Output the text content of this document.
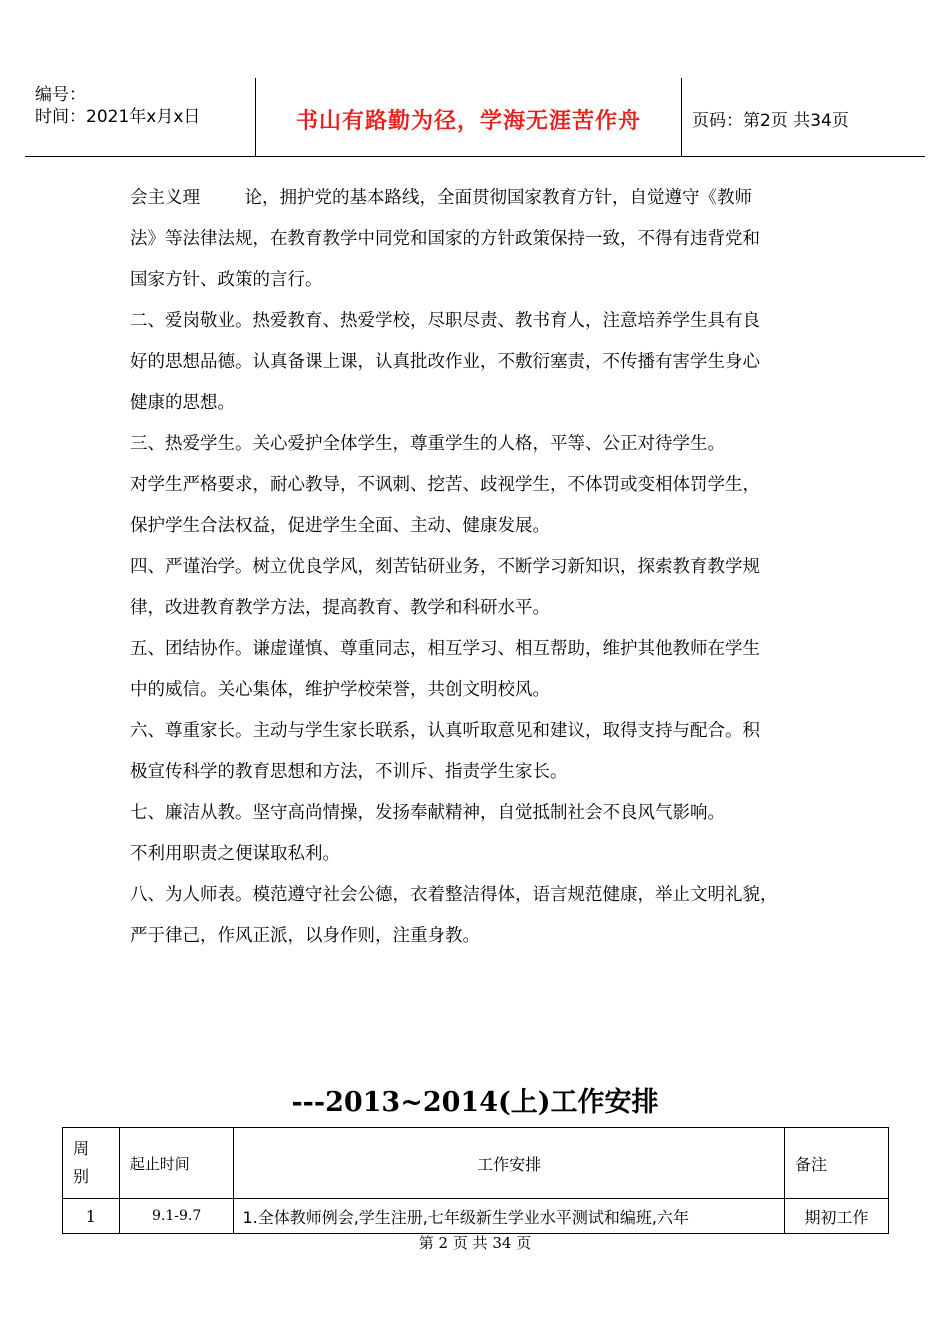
编号：
时间：2021年x月x日	书山有路勤为径，学海无涯苦作舟	页码：第2页 共34页
会主义理        论，拥护党的基本路线，全面贯彻国家教育方针，自觉遵守《教师
法》等法律法规，在教育教学中同党和国家的方针政策保持一致，不得有违背党和
国家方针、政策的言行。
二、爱岗敬业。热爱教育、热爱学校，尽职尽责、教书育人，注意培养学生具有良
好的思想品德。认真备课上课，认真批改作业，不敷衍塞责，不传播有害学生身心
健康的思想。
三、热爱学生。关心爱护全体学生，尊重学生的人格，平等、公正对待学生。
对学生严格要求，耐心教导，不讽刺、挖苦、歧视学生，不体罚或变相体罚学生，
保护学生合法权益，促进学生全面、主动、健康发展。
四、严谨治学。树立优良学风，刻苦钻研业务，不断学习新知识，探索教育教学规
律，改进教育教学方法，提高教育、教学和科研水平。
五、团结协作。谦虚谨慎、尊重同志，相互学习、相互帮助，维护其他教师在学生
中的威信。关心集体，维护学校荣誉，共创文明校风。
六、尊重家长。主动与学生家长联系，认真听取意见和建议，取得支持与配合。积
极宣传科学的教育思想和方法，不训斥、指责学生家长。
七、廉洁从教。坚守高尚情操，发扬奉献精神，自觉抵制社会不良风气影响。
不利用职责之便谋取私利。
八、为人师表。模范遵守社会公德，衣着整洁得体，语言规范健康，举止文明礼貌，
严于律己，作风正派，以身作则，注重身教。
---2013~2014(上)工作安排
周
别	起止时间	工作安排	备注
1	9.1-9.7	1.全体教师例会,学生注册,七年级新生学业水平测试和编班,六年	期初工作
第 2 页 共 34 页
